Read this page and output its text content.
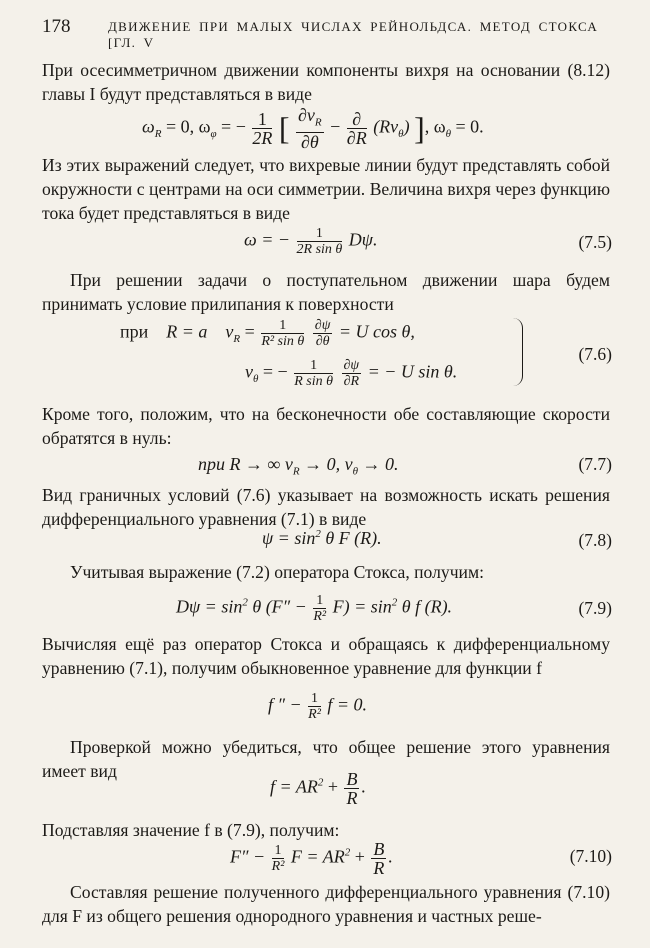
178	ДВИЖЕНИЕ ПРИ МАЛЫХ ЧИСЛАХ РЕЙНОЛЬДСА. МЕТОД СТОКСА [ГЛ. V

При осесимметричном движении компоненты вихря на основании (8.12) главы I будут представляться в виде

$\omega_R = 0$, $\omega_\varphi$ = − $\frac{1}{2R}$ [ $\frac{\partial v_R}{\partial\theta} - \frac{\partial}{\partial R} (Rv_\theta)$ ], $\omega_\theta = 0$.

Из этих выражений следует, что вихревые линии будут представлять собой окружности с центрами на оси симметрии. Величина вихря через функцию тока будет представляться в виде

ω = − $\frac{1}{\text{2R sin θ}} D\psi$.	(7.5)

При решении задачи о поступательном движении шара будем принимать условие прилипания к поверхности

при R = a $v_R = \frac{1}{\text{R² sin θ}}$
$\frac{\partial\psi}{\partial\theta} = U$ cos θ,
$v_\theta$ = − $\frac{1}{\text{R sin θ}}$
$\frac{\partial\psi}{\partial R}$ = − U sin θ.
(7.6)

Кроме того, положим, что на бесконечности обе составляющие скорости обратятся в нуль:

при R → ∞ $v_R \to 0$, $v_\theta \to 0$.	(7.7)

Вид граничных условий (7.6) указывает на возможность искать решения дифференциального уравнения (7.1) в виде

$\psi = \sin^2 \theta$ F (R).	(7.8)

Учитывая выражение (7.2) оператора Стокса, получим:

$D\psi = \sin^2 \theta$ $(F'' - \frac{1}{\text{R²}} F) = \sin^2 \theta$ f (R).	(7.9)

Вычисляя ещё раз оператор Стокса и обращаясь к дифференциальному уравнению (7.1), получим обыкновенное уравнение для функции f

f ″ − $\frac{1}{\text{R²}}$ f = 0.

Проверкой можно убедиться, что общее решение этого уравнения имеет вид

$f = AR^2 + \frac{B}{R}$ .

Подставляя значение f в (7.9), получим:

$F'' - \frac{1}{\text{R²}}$ $F = AR^2 + \frac{B}{R}$ .	(7.10)

Составляя решение полученного дифференциального уравнения (7.10) для F из общего решения однородного уравнения и частных реше-
